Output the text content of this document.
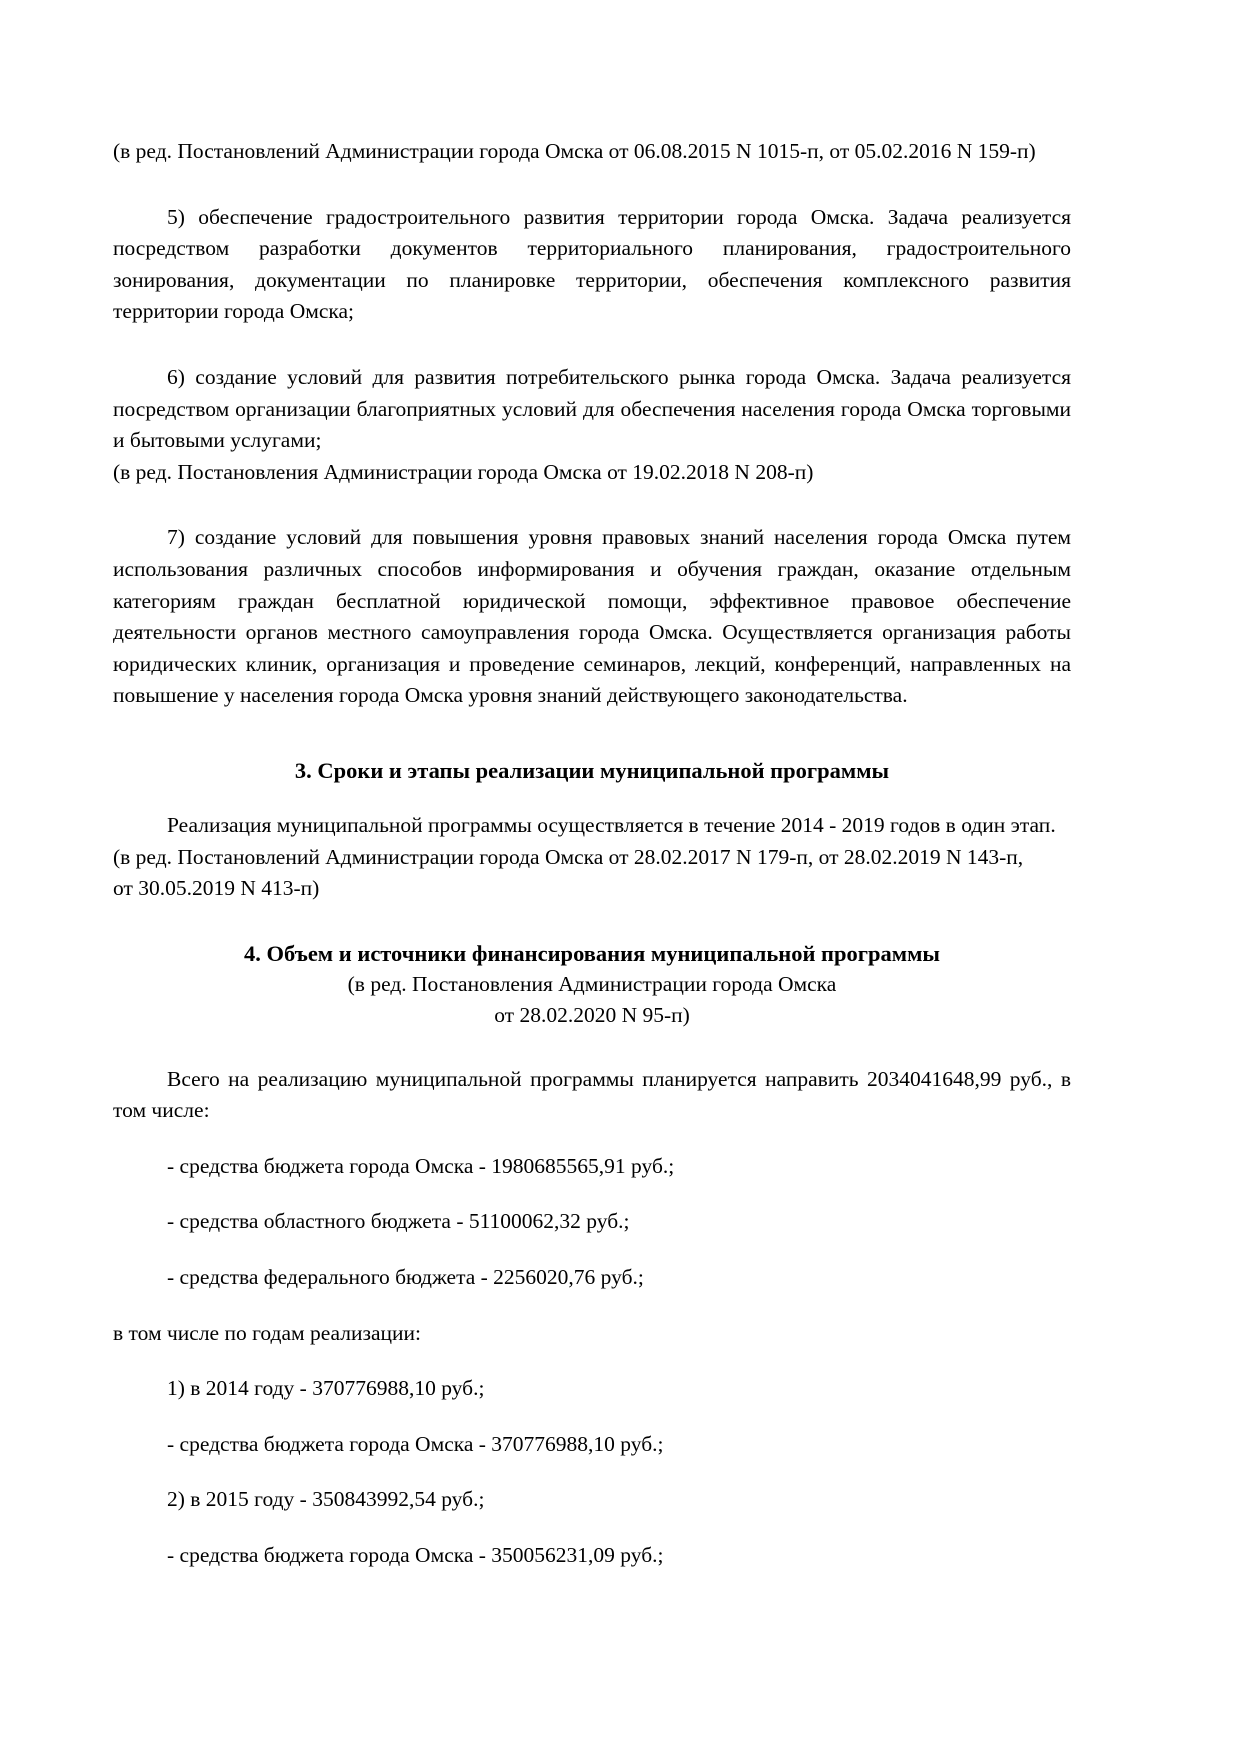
(в ред. Постановлений Администрации города Омска от 06.08.2015 N 1015-п, от 05.02.2016 N 159-п)

5) обеспечение градостроительного развития территории города Омска. Задача реализуется посредством разработки документов территориального планирования, градостроительного зонирования, документации по планировке территории, обеспечения комплексного развития территории города Омска;

6) создание условий для развития потребительского рынка города Омска. Задача реализуется посредством организации благоприятных условий для обеспечения населения города Омска торговыми и бытовыми услугами;

(в ред. Постановления Администрации города Омска от 19.02.2018 N 208-п)

7) создание условий для повышения уровня правовых знаний населения города Омска путем использования различных способов информирования и обучения граждан, оказание отдельным категориям граждан бесплатной юридической помощи, эффективное правовое обеспечение деятельности органов местного самоуправления города Омска. Осуществляется организация работы юридических клиник, организация и проведение семинаров, лекций, конференций, направленных на повышение у населения города Омска уровня знаний действующего законодательства.

3. Сроки и этапы реализации муниципальной программы

Реализация муниципальной программы осуществляется в течение 2014 - 2019 годов в один этап.

(в ред. Постановлений Администрации города Омска от 28.02.2017 N 179-п, от 28.02.2019 N 143-п,

от 30.05.2019 N 413-п)

4. Объем и источники финансирования муниципальной программы

(в ред. Постановления Администрации города Омска

от 28.02.2020 N 95-п)

Всего на реализацию муниципальной программы планируется направить 2034041648,99 руб., в том числе:

- средства бюджета города Омска - 1980685565,91 руб.;

- средства областного бюджета - 51100062,32 руб.;

- средства федерального бюджета - 2256020,76 руб.;

в том числе по годам реализации:

1) в 2014 году - 370776988,10 руб.;

- средства бюджета города Омска - 370776988,10 руб.;

2) в 2015 году - 350843992,54 руб.;

- средства бюджета города Омска - 350056231,09 руб.;
